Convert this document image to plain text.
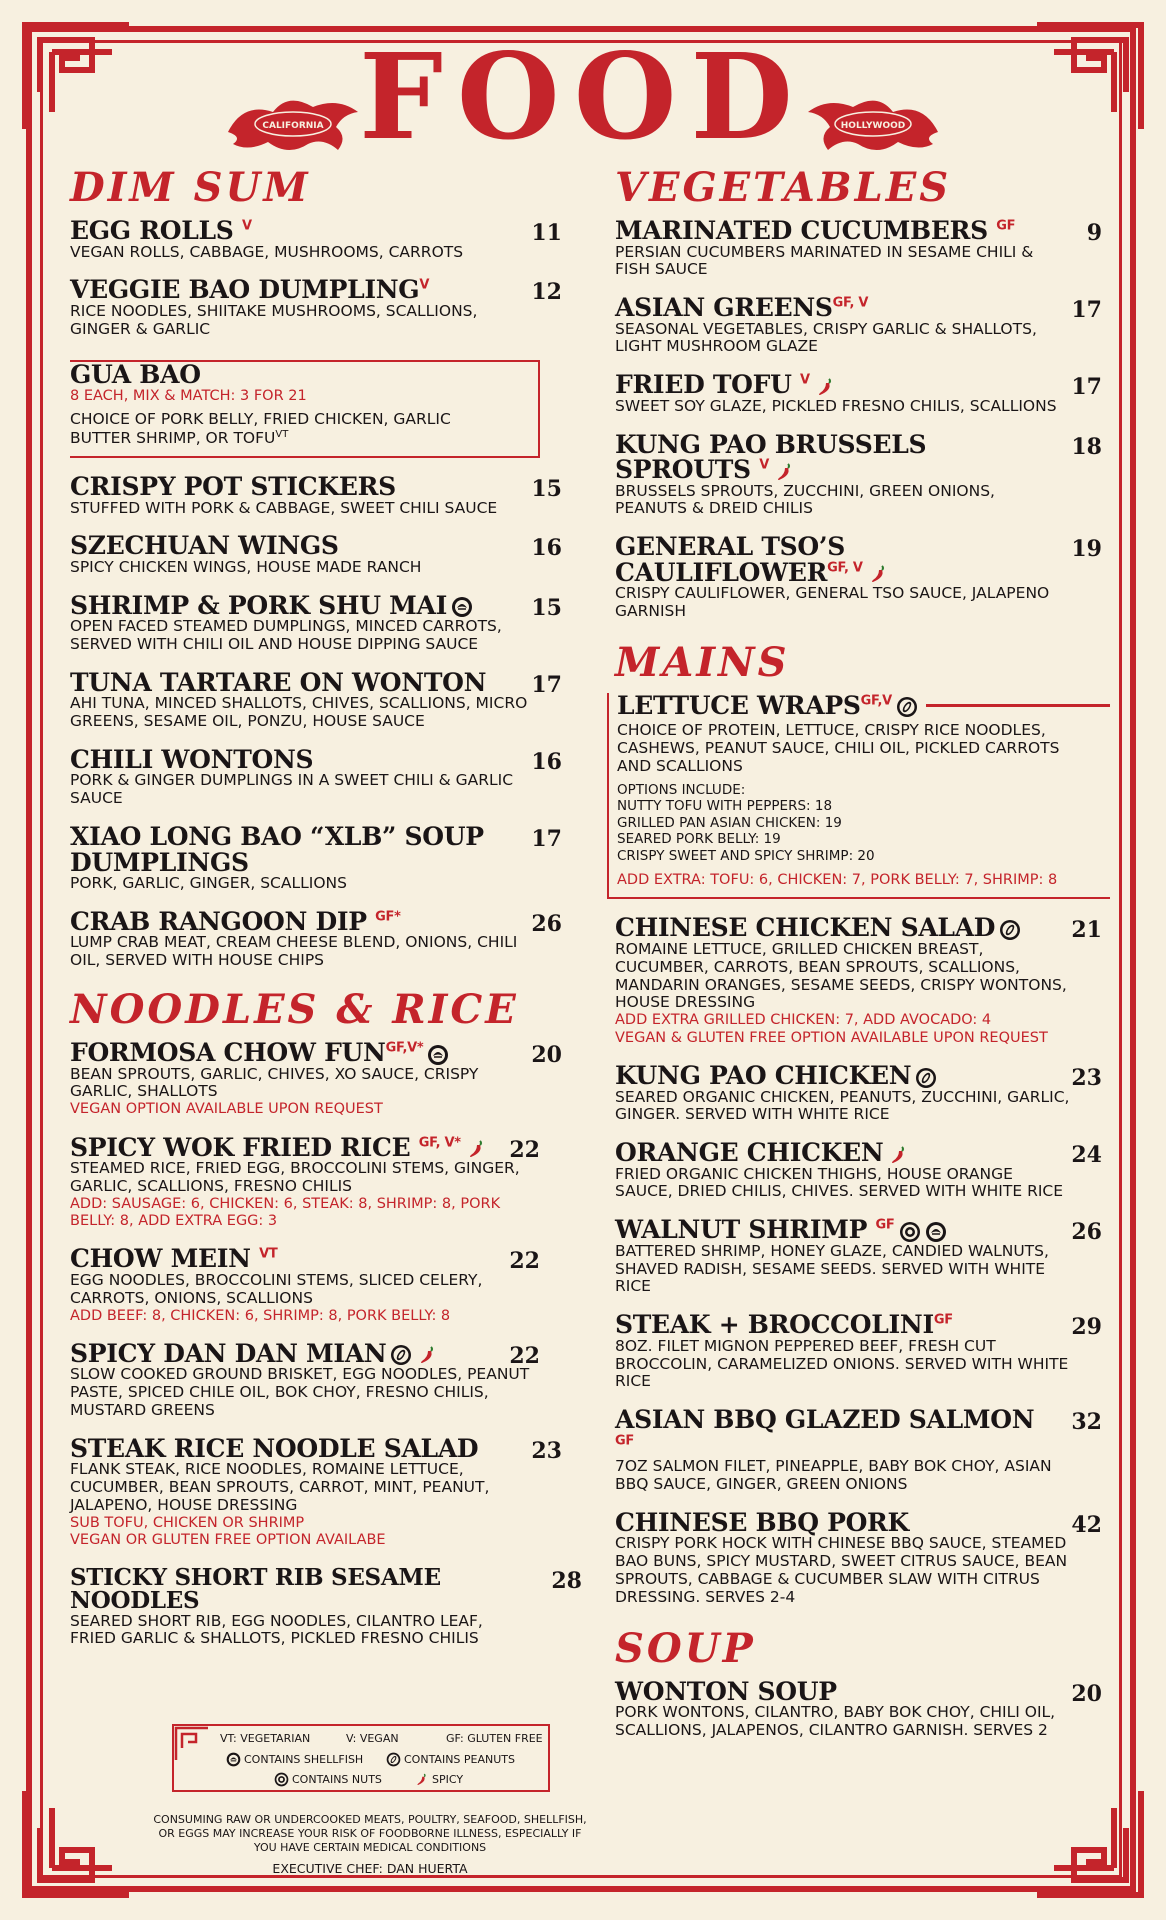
FOOD
CALIFORNIA	HOLLYWOOD
DIM SUM
EGG ROLLS $^V$	11
VEGAN ROLLS, CABBAGE, MUSHROOMS, CARROTS
VEGGIE BAO $DUMPLING^V$	12
RICE NOODLES, SHIITAKE MUSHROOMS, SCALLIONS, GINGER & GARLIC
GUA BAO
8 EACH, MIX & MATCH: 3 FOR 21
CHOICE OF PORK BELLY, FRIED CHICKEN, GARLIC BUTTER SHRIMP, OR $TOFU^{VT}$
CRISPY POT STICKERS	15
STUFFED WITH PORK & CABBAGE, SWEET CHILI SAUCE
SZECHUAN WINGS	16
SPICY CHICKEN WINGS, HOUSE MADE RANCH
SHRIMP & PORK SHU MAI	15
OPEN FACED STEAMED DUMPLINGS, MINCED CARROTS, SERVED WITH CHILI OIL AND HOUSE DIPPING SAUCE
TUNA TARTARE ON WONTON	17
AHI TUNA, MINCED SHALLOTS, CHIVES, SCALLIONS, MICRO GREENS, SESAME OIL, PONZU, HOUSE SAUCE
CHILI WONTONS	16
PORK & GINGER DUMPLINGS IN A SWEET CHILI & GARLIC SAUCE
XIAO LONG BAO “XLB” SOUP DUMPLINGS
17
PORK, GARLIC, GINGER, SCALLIONS
CRAB RANGOON DIP $^{GF*}$	26
LUMP CRAB MEAT, CREAM CHEESE BLEND, ONIONS, CHILI OIL, SERVED WITH HOUSE CHIPS
NOODLES & RICE
FORMOSA CHOW $FUN^{GF,V*}$	20
BEAN SPROUTS, GARLIC, CHIVES, XO SAUCE, CRISPY GARLIC, SHALLOTS
VEGAN OPTION AVAILABLE UPON REQUEST
SPICY WOK FRIED RICE $^{GF, V*}$	22
STEAMED RICE, FRIED EGG, BROCCOLINI STEMS, GINGER, GARLIC, SCALLIONS, FRESNO CHILIS
ADD: SAUSAGE: 6, CHICKEN: 6, STEAK: 8, SHRIMP: 8, PORK BELLY: 8, ADD EXTRA EGG: 3
CHOW MEIN $^{VT}$	22
EGG NOODLES, BROCCOLINI STEMS, SLICED CELERY, CARROTS, ONIONS, SCALLIONS
ADD BEEF: 8, CHICKEN: 6, SHRIMP: 8, PORK BELLY: 8
SPICY DAN DAN MIAN	22
SLOW COOKED GROUND BRISKET, EGG NOODLES, PEANUT PASTE, SPICED CHILE OIL, BOK CHOY, FRESNO CHILIS, MUSTARD GREENS
STEAK RICE NOODLE SALAD	23
FLANK STEAK, RICE NOODLES, ROMAINE LETTUCE, CUCUMBER, BEAN SPROUTS, CARROT, MINT, PEANUT, JALAPENO, HOUSE DRESSING
SUB TOFU, CHICKEN OR SHRIMP
VEGAN OR GLUTEN FREE OPTION AVAILABE
STICKY SHORT RIB SESAME NOODLES
28
SEARED SHORT RIB, EGG NOODLES, CILANTRO LEAF, FRIED GARLIC & SHALLOTS, PICKLED FRESNO CHILIS
VEGETABLES
MARINATED CUCUMBERS $^{GF}$	9
PERSIAN CUCUMBERS MARINATED IN SESAME CHILI & FISH SAUCE
ASIAN $GREENS^{GF, V}$	17
SEASONAL VEGETABLES, CRISPY GARLIC & SHALLOTS, LIGHT MUSHROOM GLAZE
FRIED TOFU $^V$	17
SWEET SOY GLAZE, PICKLED FRESNO CHILIS, SCALLIONS
KUNG PAO BRUSSELS SPROUTS $^V$
18
BRUSSELS SPROUTS, ZUCCHINI, GREEN ONIONS, PEANUTS & DREID CHILIS
GENERAL TSO’S $CAULIFLOWER^{GF, V}$
19
CRISPY CAULIFLOWER, GENERAL TSO SAUCE, JALAPENO GARNISH
MAINS
LETTUCE $WRAPS^{GF,V}$
CHOICE OF PROTEIN, LETTUCE, CRISPY RICE NOODLES, CASHEWS, PEANUT SAUCE, CHILI OIL, PICKLED CARROTS AND SCALLIONS
OPTIONS INCLUDE:
NUTTY TOFU WITH PEPPERS: 18
GRILLED PAN ASIAN CHICKEN: 19
SEARED PORK BELLY: 19
CRISPY SWEET AND SPICY SHRIMP: 20
ADD EXTRA: TOFU: 6, CHICKEN: 7, PORK BELLY: 7, SHRIMP: 8
CHINESE CHICKEN SALAD	21
ROMAINE LETTUCE, GRILLED CHICKEN BREAST, CUCUMBER, CARROTS, BEAN SPROUTS, SCALLIONS, MANDARIN ORANGES, SESAME SEEDS, CRISPY WONTONS, HOUSE DRESSING
ADD EXTRA GRILLED CHICKEN: 7, ADD AVOCADO: 4
VEGAN & GLUTEN FREE OPTION AVAILABLE UPON REQUEST
KUNG PAO CHICKEN	23
SEARED ORGANIC CHICKEN, PEANUTS, ZUCCHINI, GARLIC, GINGER. SERVED WITH WHITE RICE
ORANGE CHICKEN	24
FRIED ORGANIC CHICKEN THIGHS, HOUSE ORANGE SAUCE, DRIED CHILIS, CHIVES. SERVED WITH WHITE RICE
WALNUT SHRIMP $^{GF}$	26
BATTERED SHRIMP, HONEY GLAZE, CANDIED WALNUTS, SHAVED RADISH, SESAME SEEDS. SERVED WITH WHITE RICE
STEAK + $BROCCOLINI^{GF}$	29
8OZ. FILET MIGNON PEPPERED BEEF, FRESH CUT BROCCOLIN, CARAMELIZED ONIONS. SERVED WITH WHITE RICE
ASIAN BBQ GLAZED SALMON $^{GF}$
32
7OZ SALMON FILET, PINEAPPLE, BABY BOK CHOY, ASIAN BBQ SAUCE, GINGER, GREEN ONIONS
CHINESE BBQ PORK	42
CRISPY PORK HOCK WITH CHINESE BBQ SAUCE, STEAMED BAO BUNS, SPICY MUSTARD, SWEET CITRUS SAUCE, BEAN SPROUTS, CABBAGE & CUCUMBER SLAW WITH CITRUS DRESSING. SERVES 2-4
SOUP
WONTON SOUP	20
PORK WONTONS, CILANTRO, BABY BOK CHOY, CHILI OIL, SCALLIONS, JALAPENOS, CILANTRO GARNISH. SERVES 2
VT: VEGETARIAN	V: VEGAN	GF: GLUTEN FREE
CONTAINS SHELLFISH	CONTAINS PEANUTS
CONTAINS NUTS	SPICY
CONSUMING RAW OR UNDERCOOKED MEATS, POULTRY, SEAFOOD, SHELLFISH, OR EGGS MAY INCREASE YOUR RISK OF FOODBORNE ILLNESS, ESPECIALLY IF YOU HAVE CERTAIN MEDICAL CONDITIONS
EXECUTIVE CHEF: DAN HUERTA
